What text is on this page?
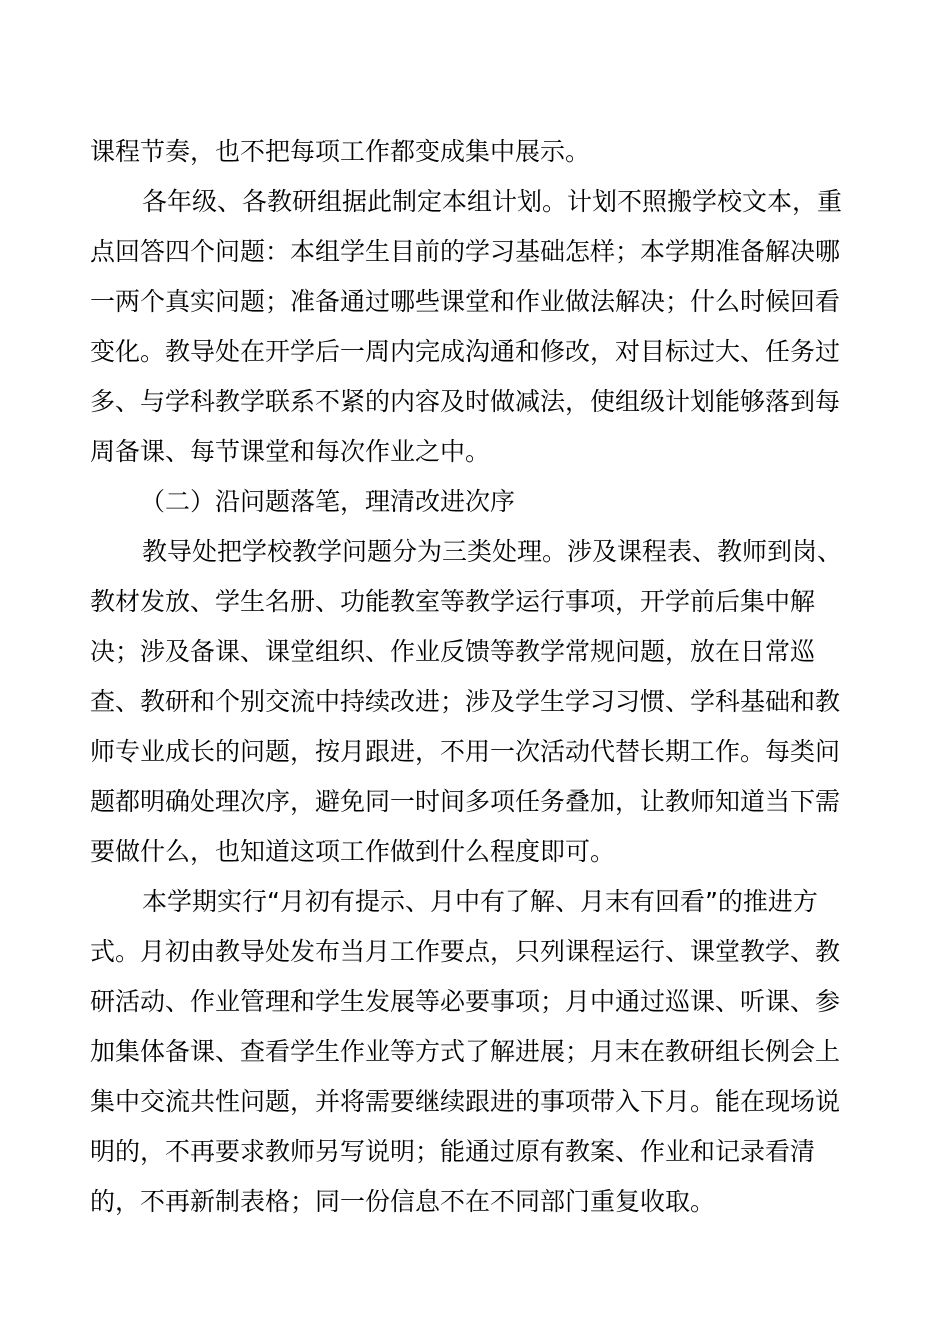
课程节奏，也不把每项工作都变成集中展示。
各年级、各教研组据此制定本组计划。计划不照搬学校文本，重
点回答四个问题：本组学生目前的学习基础怎样；本学期准备解决哪
一两个真实问题；准备通过哪些课堂和作业做法解决；什么时候回看
变化。教导处在开学后一周内完成沟通和修改，对目标过大、任务过
多、与学科教学联系不紧的内容及时做减法，使组级计划能够落到每
周备课、每节课堂和每次作业之中。
（二）沿问题落笔，理清改进次序
教导处把学校教学问题分为三类处理。涉及课程表、教师到岗、
教材发放、学生名册、功能教室等教学运行事项，开学前后集中解
决；涉及备课、课堂组织、作业反馈等教学常规问题，放在日常巡
查、教研和个别交流中持续改进；涉及学生学习习惯、学科基础和教
师专业成长的问题，按月跟进，不用一次活动代替长期工作。每类问
题都明确处理次序，避免同一时间多项任务叠加，让教师知道当下需
要做什么，也知道这项工作做到什么程度即可。
本学期实行“月初有提示、月中有了解、月末有回看”的推进方
式。月初由教导处发布当月工作要点，只列课程运行、课堂教学、教
研活动、作业管理和学生发展等必要事项；月中通过巡课、听课、参
加集体备课、查看学生作业等方式了解进展；月末在教研组长例会上
集中交流共性问题，并将需要继续跟进的事项带入下月。能在现场说
明的，不再要求教师另写说明；能通过原有教案、作业和记录看清
的，不再新制表格；同一份信息不在不同部门重复收取。
